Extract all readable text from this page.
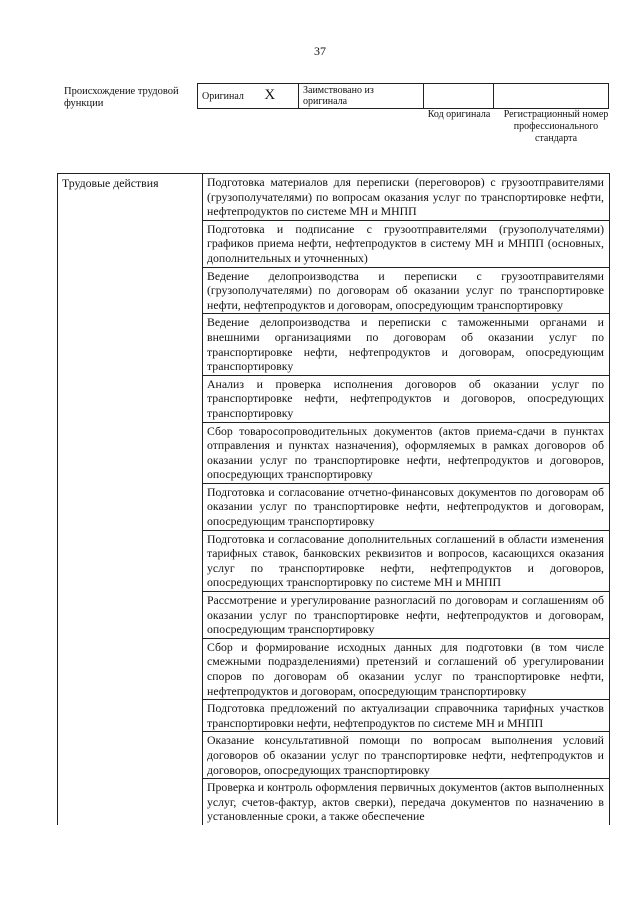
37
Происхождение трудовой функции
Оригинал X	Заимствовано из оригинала		
Код оригинала	Регистрационный номер профессионального стандарта
Трудовые действия	Подготовка материалов для переписки (переговоров) с грузоотправителями (грузополучателями) по вопросам оказания услуг по транспортировке нефти, нефтепродуктов по системе МН и МНПП
Подготовка и подписание с грузоотправителями (грузополучателями) графиков приема нефти, нефтепродуктов в систему МН и МНПП (основных, дополнительных и уточненных)
Ведение делопроизводства и переписки с грузоотправителями (грузополучателями) по договорам об оказании услуг по транспортировке нефти, нефтепродуктов и договорам, опосредующим транспортировку
Ведение делопроизводства и переписки с таможенными органами и внешними организациями по договорам об оказании услуг по транспортировке нефти, нефтепродуктов и договорам, опосредующим транспортировку
Анализ и проверка исполнения договоров об оказании услуг по транспортировке нефти, нефтепродуктов и договоров, опосредующих транспортировку
Сбор товаросопроводительных документов (актов приема-сдачи в пунктах отправления и пунктах назначения), оформляемых в рамках договоров об оказании услуг по транспортировке нефти, нефтепродуктов и договоров, опосредующих транспортировку
Подготовка и согласование отчетно-финансовых документов по договорам об оказании услуг по транспортировке нефти, нефтепродуктов и договорам, опосредующим транспортировку
Подготовка и согласование дополнительных соглашений в области изменения тарифных ставок, банковских реквизитов и вопросов, касающихся оказания услуг по транспортировке нефти, нефтепродуктов и договоров, опосредующих транспортировку по системе МН и МНПП
Рассмотрение и урегулирование разногласий по договорам и соглашениям об оказании услуг по транспортировке нефти, нефтепродуктов и договорам, опосредующим транспортировку
Сбор и формирование исходных данных для подготовки (в том числе смежными подразделениями) претензий и соглашений об урегулировании споров по договорам об оказании услуг по транспортировке нефти, нефтепродуктов и договорам, опосредующим транспортировку
Подготовка предложений по актуализации справочника тарифных участков транспортировки нефти, нефтепродуктов по системе МН и МНПП
Оказание консультативной помощи по вопросам выполнения условий договоров об оказании услуг по транспортировке нефти, нефтепродуктов и договоров, опосредующих транспортировку
Проверка и контроль оформления первичных документов (актов выполненных услуг, счетов-фактур, актов сверки), передача документов по назначению в установленные сроки, а также обеспечение
